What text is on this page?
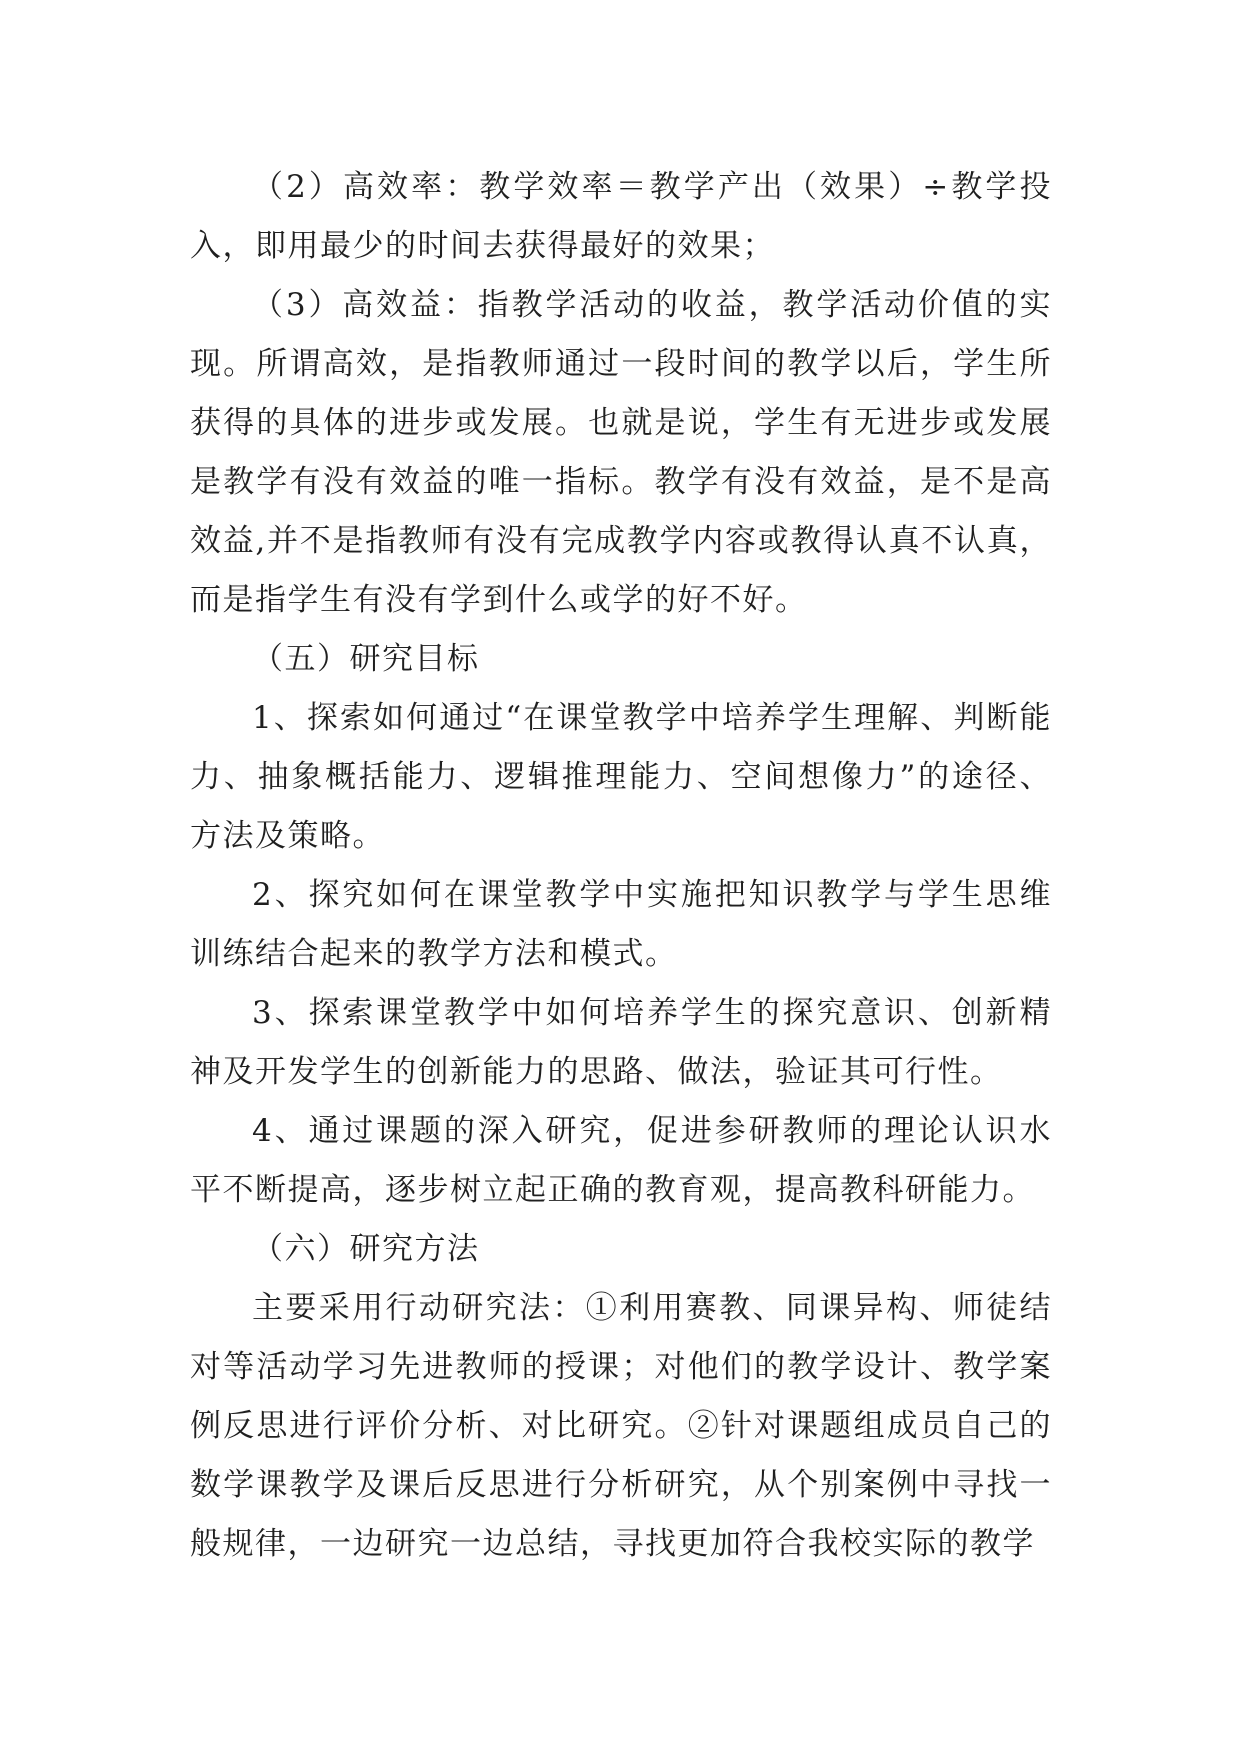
（2）高效率：教学效率＝教学产出（效果）÷教学投入，即用最少的时间去获得最好的效果；

（3）高效益：指教学活动的收益，教学活动价值的实现。所谓高效，是指教师通过一段时间的教学以后，学生所获得的具体的进步或发展。也就是说，学生有无进步或发展是教学有没有效益的唯一指标。教学有没有效益，是不是高效益,并不是指教师有没有完成教学内容或教得认真不认真，而是指学生有没有学到什么或学的好不好。

（五）研究目标

1、探索如何通过“在课堂教学中培养学生理解、判断能力、抽象概括能力、逻辑推理能力、空间想像力”的途径、方法及策略。

2、探究如何在课堂教学中实施把知识教学与学生思维训练结合起来的教学方法和模式。

3、探索课堂教学中如何培养学生的探究意识、创新精神及开发学生的创新能力的思路、做法，验证其可行性。

4、通过课题的深入研究，促进参研教师的理论认识水平不断提高，逐步树立起正确的教育观，提高教科研能力。

（六）研究方法

主要采用行动研究法：①利用赛教、同课异构、师徒结对等活动学习先进教师的授课；对他们的教学设计、教学案例反思进行评价分析、对比研究。②针对课题组成员自己的数学课教学及课后反思进行分析研究，从个别案例中寻找一般规律，一边研究一边总结，寻找更加符合我校实际的教学
